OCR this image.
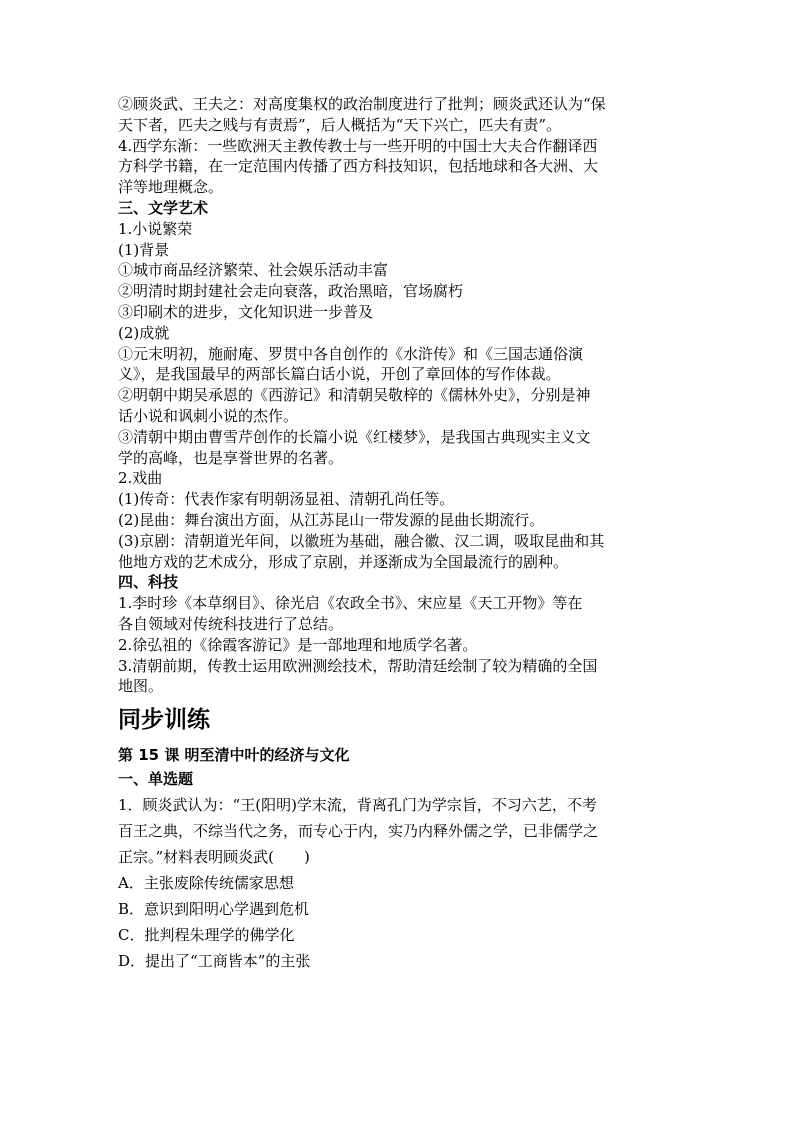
②顾炎武、王夫之：对高度集权的政治制度进行了批判；顾炎武还认为“保
天下者，匹夫之贱与有责焉”，后人概括为“天下兴亡，匹夫有责”。
4.西学东渐：一些欧洲天主教传教士与一些开明的中国士大夫合作翻译西
方科学书籍，在一定范围内传播了西方科技知识，包括地球和各大洲、大
洋等地理概念。
三、文学艺术
1.小说繁荣
(1)背景
①城市商品经济繁荣、社会娱乐活动丰富
②明清时期封建社会走向衰落，政治黑暗，官场腐朽
③印刷术的进步，文化知识进一步普及
(2)成就
①元末明初，施耐庵、罗贯中各自创作的《水浒传》和《三国志通俗演
义》，是我国最早的两部长篇白话小说，开创了章回体的写作体裁。
②明朝中期吴承恩的《西游记》和清朝吴敬梓的《儒林外史》，分别是神
话小说和讽刺小说的杰作。
③清朝中期由曹雪芹创作的长篇小说《红楼梦》，是我国古典现实主义文
学的高峰，也是享誉世界的名著。
2.戏曲
(1)传奇：代表作家有明朝汤显祖、清朝孔尚任等。
(2)昆曲：舞台演出方面，从江苏昆山一带发源的昆曲长期流行。
(3)京剧：清朝道光年间，以徽班为基础，融合徽、汉二调，吸取昆曲和其
他地方戏的艺术成分，形成了京剧，并逐渐成为全国最流行的剧种。
四、科技
1.李时珍《本草纲目》、徐光启《农政全书》、宋应星《天工开物》等在
各自领域对传统科技进行了总结。
2.徐弘祖的《徐霞客游记》是一部地理和地质学名著。
3.清朝前期，传教士运用欧洲测绘技术，帮助清廷绘制了较为精确的全国
地图。
同步训练
第 15 课 明至清中叶的经济与文化
一、单选题
1．顾炎武认为：“王(阳明)学末流，背离孔门为学宗旨，不习六艺，不考
百王之典，不综当代之务，而专心于内，实乃内释外儒之学，已非儒学之
正宗。”材料表明顾炎武(　　)
A．主张废除传统儒家思想
B．意识到阳明心学遇到危机
C．批判程朱理学的佛学化
D．提出了“工商皆本”的主张
